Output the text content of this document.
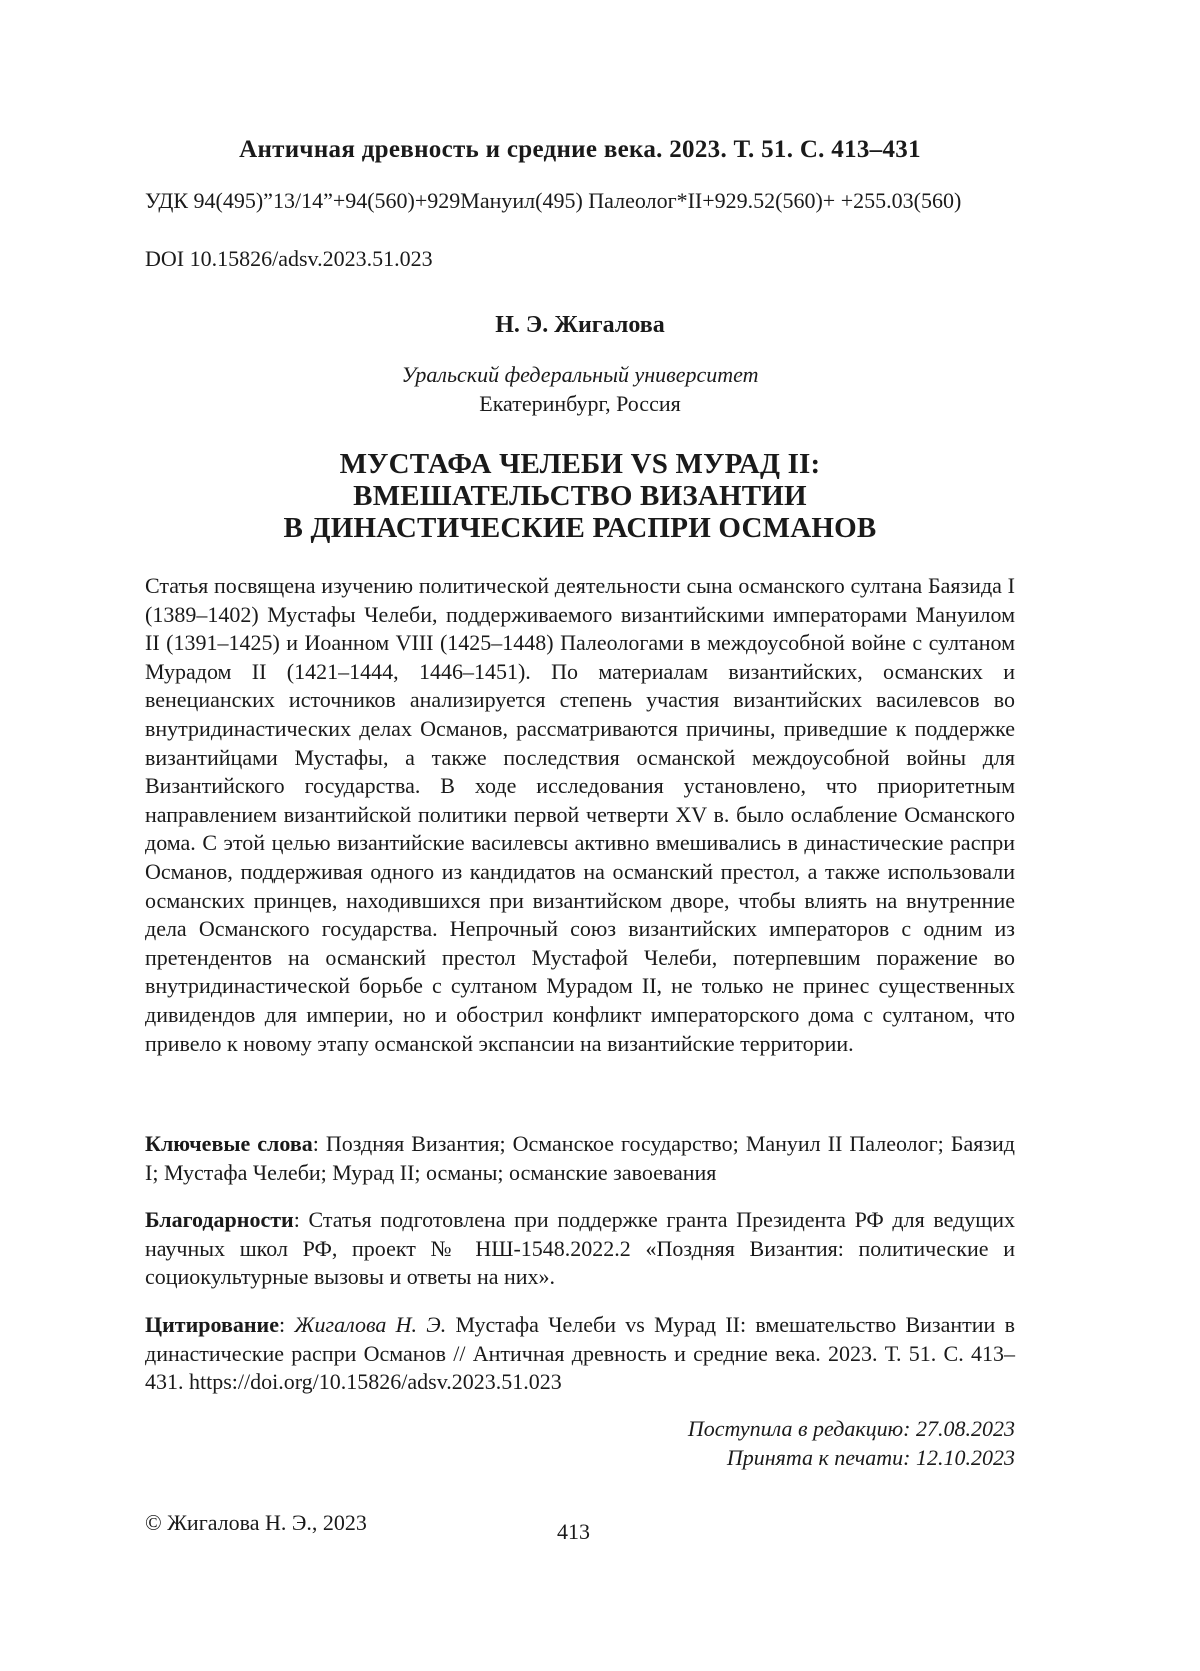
Античная древность и средние века. 2023. Т. 51. С. 413–431
УДК 94(495)”13/14”+94(560)+929Мануил(495) Палеолог*II+929.52(560)+ +255.03(560)
DOI 10.15826/adsv.2023.51.023
Н. Э. Жигалова
Уральский федеральный университет
Екатеринбург, Россия
МУСТАФА ЧЕЛЕБИ VS МУРАД II:
ВМЕШАТЕЛЬСТВО ВИЗАНТИИ
В ДИНАСТИЧЕСКИЕ РАСПРИ ОСМАНОВ
Статья посвящена изучению политической деятельности сына османского султана Баязида I (1389–1402) Мустафы Челеби, поддерживаемого византийскими императорами Мануилом II (1391–1425) и Иоанном VIII (1425–1448) Палеологами в междоусобной войне с султаном Мурадом II (1421–1444, 1446–1451). По материалам византийских, османских и венецианских источников анализируется степень участия византийских василевсов во внутридинастических делах Османов, рассматриваются причины, приведшие к поддержке византийцами Мустафы, а также последствия османской междоусобной войны для Византийского государства. В ходе исследования установлено, что приоритетным направлением византийской политики первой четверти XV в. было ослабление Османского дома. С этой целью византийские василевсы активно вмешивались в династические распри Османов, поддерживая одного из кандидатов на османский престол, а также использовали османских принцев, находившихся при византийском дворе, чтобы влиять на внутренние дела Османского государства. Непрочный союз византийских императоров с одним из претендентов на османский престол Мустафой Челеби, потерпевшим поражение во внутридинастической борьбе с султаном Мурадом II, не только не принес существенных дивидендов для империи, но и обострил конфликт императорского дома с султаном, что привело к новому этапу османской экспансии на византийские территории.
Ключевые слова: Поздняя Византия; Османское государство; Мануил II Палеолог; Баязид I; Мустафа Челеби; Мурад II; османы; османские завоевания
Благодарности: Статья подготовлена при поддержке гранта Президента РФ для ведущих научных школ РФ, проект № НШ-1548.2022.2 «Поздняя Византия: политические и социокультурные вызовы и ответы на них».
Цитирование: Жигалова Н. Э. Мустафа Челеби vs Мурад II: вмешательство Византии в династические распри Османов // Античная древность и средние века. 2023. Т. 51. С. 413–431. https://doi.org/10.15826/adsv.2023.51.023
Поступила в редакцию: 27.08.2023
Принята к печати: 12.10.2023
© Жигалова Н. Э., 2023	413
